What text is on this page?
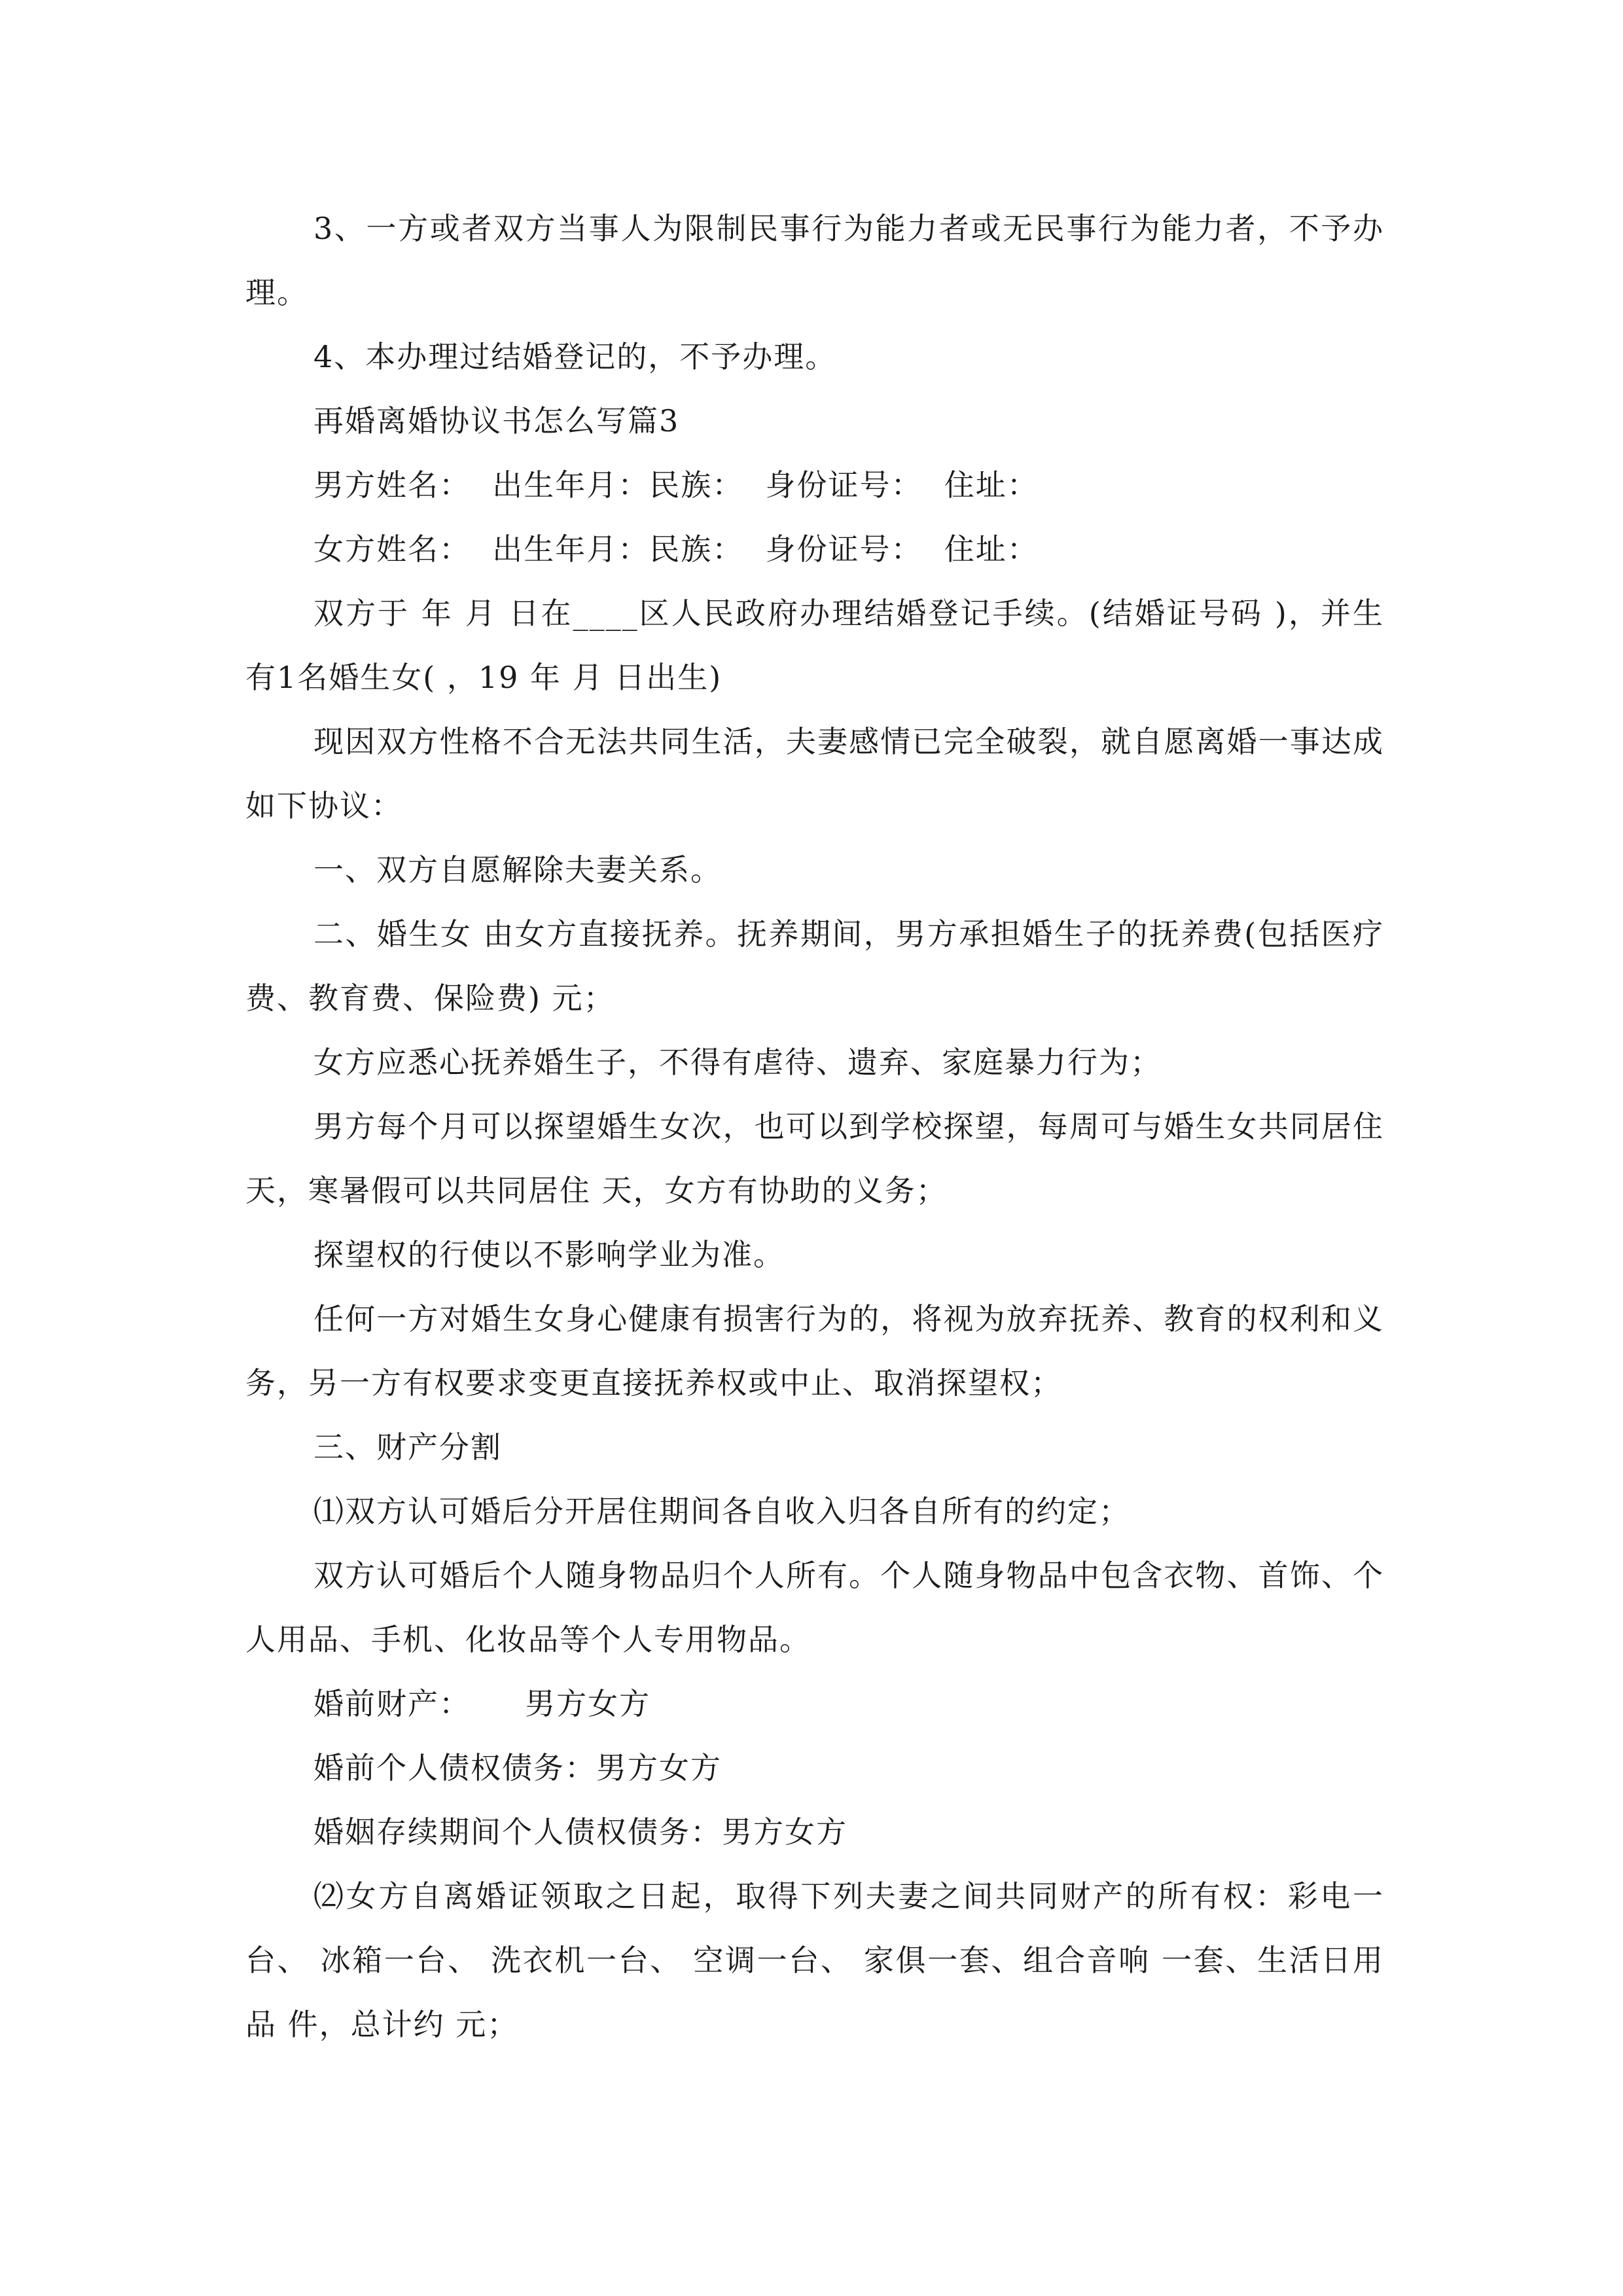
3、一方或者双方当事人为限制民事行为能力者或无民事行为能力者，不予办理。

4、本办理过结婚登记的，不予办理。

再婚离婚协议书怎么写篇3

男方姓名：  出生年月：民族：  身份证号：  住址：

女方姓名：  出生年月：民族：  身份证号：  住址：

双方于 年 月 日在____区人民政府办理结婚登记手续。(结婚证号码 )，并生有1名婚生女( ，19 年 月 日出生)

现因双方性格不合无法共同生活，夫妻感情已完全破裂，就自愿离婚一事达成如下协议：

一、双方自愿解除夫妻关系。

二、婚生女 由女方直接抚养。抚养期间，男方承担婚生子的抚养费(包括医疗费、教育费、保险费) 元；

女方应悉心抚养婚生子，不得有虐待、遗弃、家庭暴力行为；

男方每个月可以探望婚生女次，也可以到学校探望，每周可与婚生女共同居住 天，寒暑假可以共同居住 天，女方有协助的义务；

探望权的行使以不影响学业为准。

任何一方对婚生女身心健康有损害行为的，将视为放弃抚养、教育的权利和义务，另一方有权要求变更直接抚养权或中止、取消探望权；

三、财产分割

⑴双方认可婚后分开居住期间各自收入归各自所有的约定；

双方认可婚后个人随身物品归个人所有。个人随身物品中包含衣物、首饰、个人用品、手机、化妆品等个人专用物品。

婚前财产：     男方女方

婚前个人债权债务：男方女方

婚姻存续期间个人债权债务：男方女方

⑵女方自离婚证领取之日起，取得下列夫妻之间共同财产的所有权：彩电一台、 冰箱一台、 洗衣机一台、 空调一台、 家俱一套、组合音响 一套、生活日用品 件，总计约 元；
